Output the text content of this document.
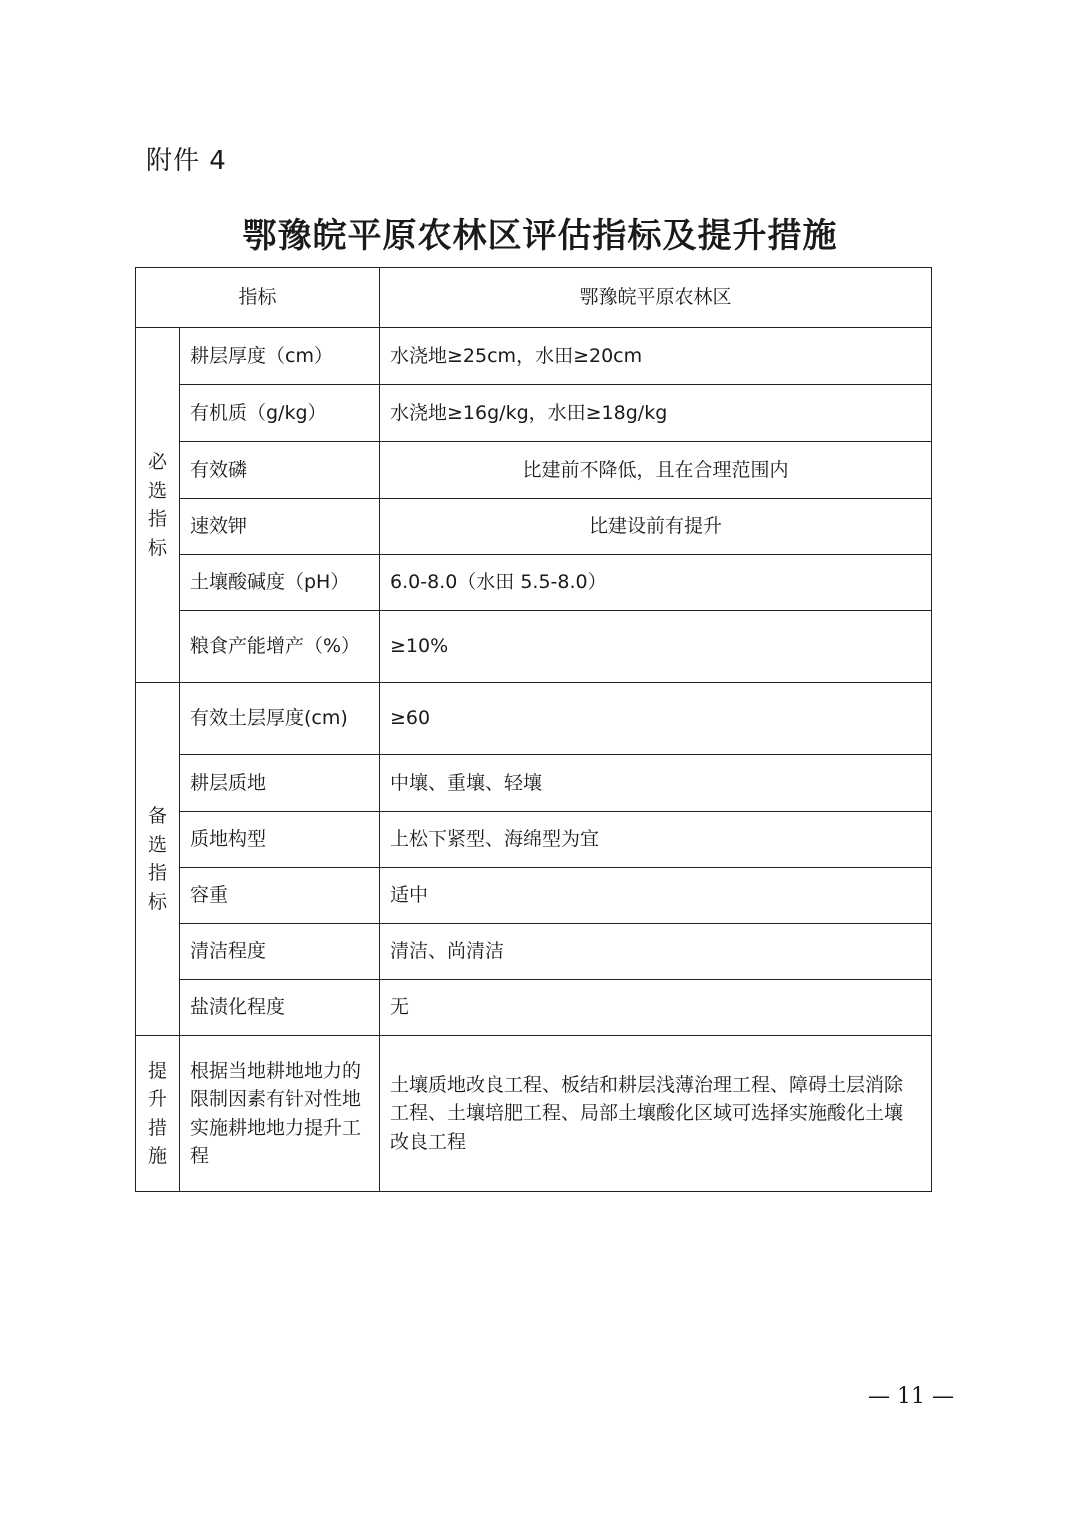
附件 4
鄂豫皖平原农林区评估指标及提升措施
指标		鄂豫皖平原农林区
必选指标	耕层厚度（cm）	水浇地≥25cm，水田≥20cm
	有机质（g/kg）	水浇地≥16g/kg，水田≥18g/kg
	有效磷	比建前不降低，且在合理范围内
	速效钾	比建设前有提升
	土壤酸碱度（pH）	6.0-8.0（水田 5.5-8.0）
	粮食产能增产（%）	≥10%
备选指标	有效土层厚度(cm)	≥60
	耕层质地	中壤、重壤、轻壤
	质地构型	上松下紧型、海绵型为宜
	容重	适中
	清洁程度	清洁、尚清洁
	盐渍化程度	无
提升措施	根据当地耕地地力的限制因素有针对性地实施耕地地力提升工程	土壤质地改良工程、板结和耕层浅薄治理工程、障碍土层消除工程、土壤培肥工程、局部土壤酸化区域可选择实施酸化土壤改良工程
— 11 —
